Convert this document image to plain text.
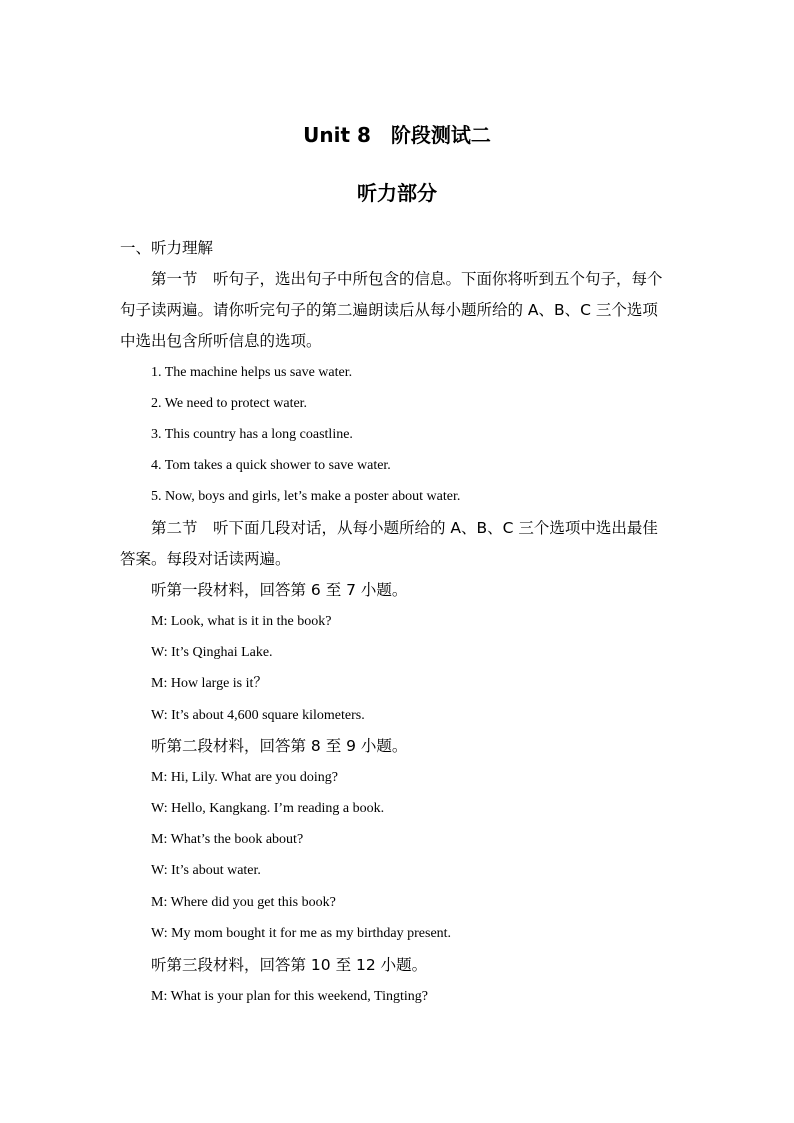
Unit 8　阶段测试二
听力部分

一、听力理解

第一节　听句子，选出句子中所包含的信息。下面你将听到五个句子，每个

句子读两遍。请你听完句子的第二遍朗读后从每小题所给的 A、B、C 三个选项

中选出包含所听信息的选项。

1. The machine helps us save water.

2. We need to protect water.

3. This country has a long coastline.

4. Tom takes a quick shower to save water.

5. Now, boys and girls, let’s make a poster about water.

第二节　听下面几段对话，从每小题所给的 A、B、C 三个选项中选出最佳

答案。每段对话读两遍。

听第一段材料，回答第 6 至 7 小题。

M: Look, what is it in the book?

W: It’s Qinghai Lake.

M: How large is it？

W: It’s about 4,600 square kilometers.

听第二段材料，回答第 8 至 9 小题。

M: Hi, Lily. What are you doing?

W: Hello, Kangkang. I’m reading a book.

M: What’s the book about?

W: It’s about water.

M: Where did you get this book?

W: My mom bought it for me as my birthday present.

听第三段材料，回答第 10 至 12 小题。

M: What is your plan for this weekend, Tingting?
